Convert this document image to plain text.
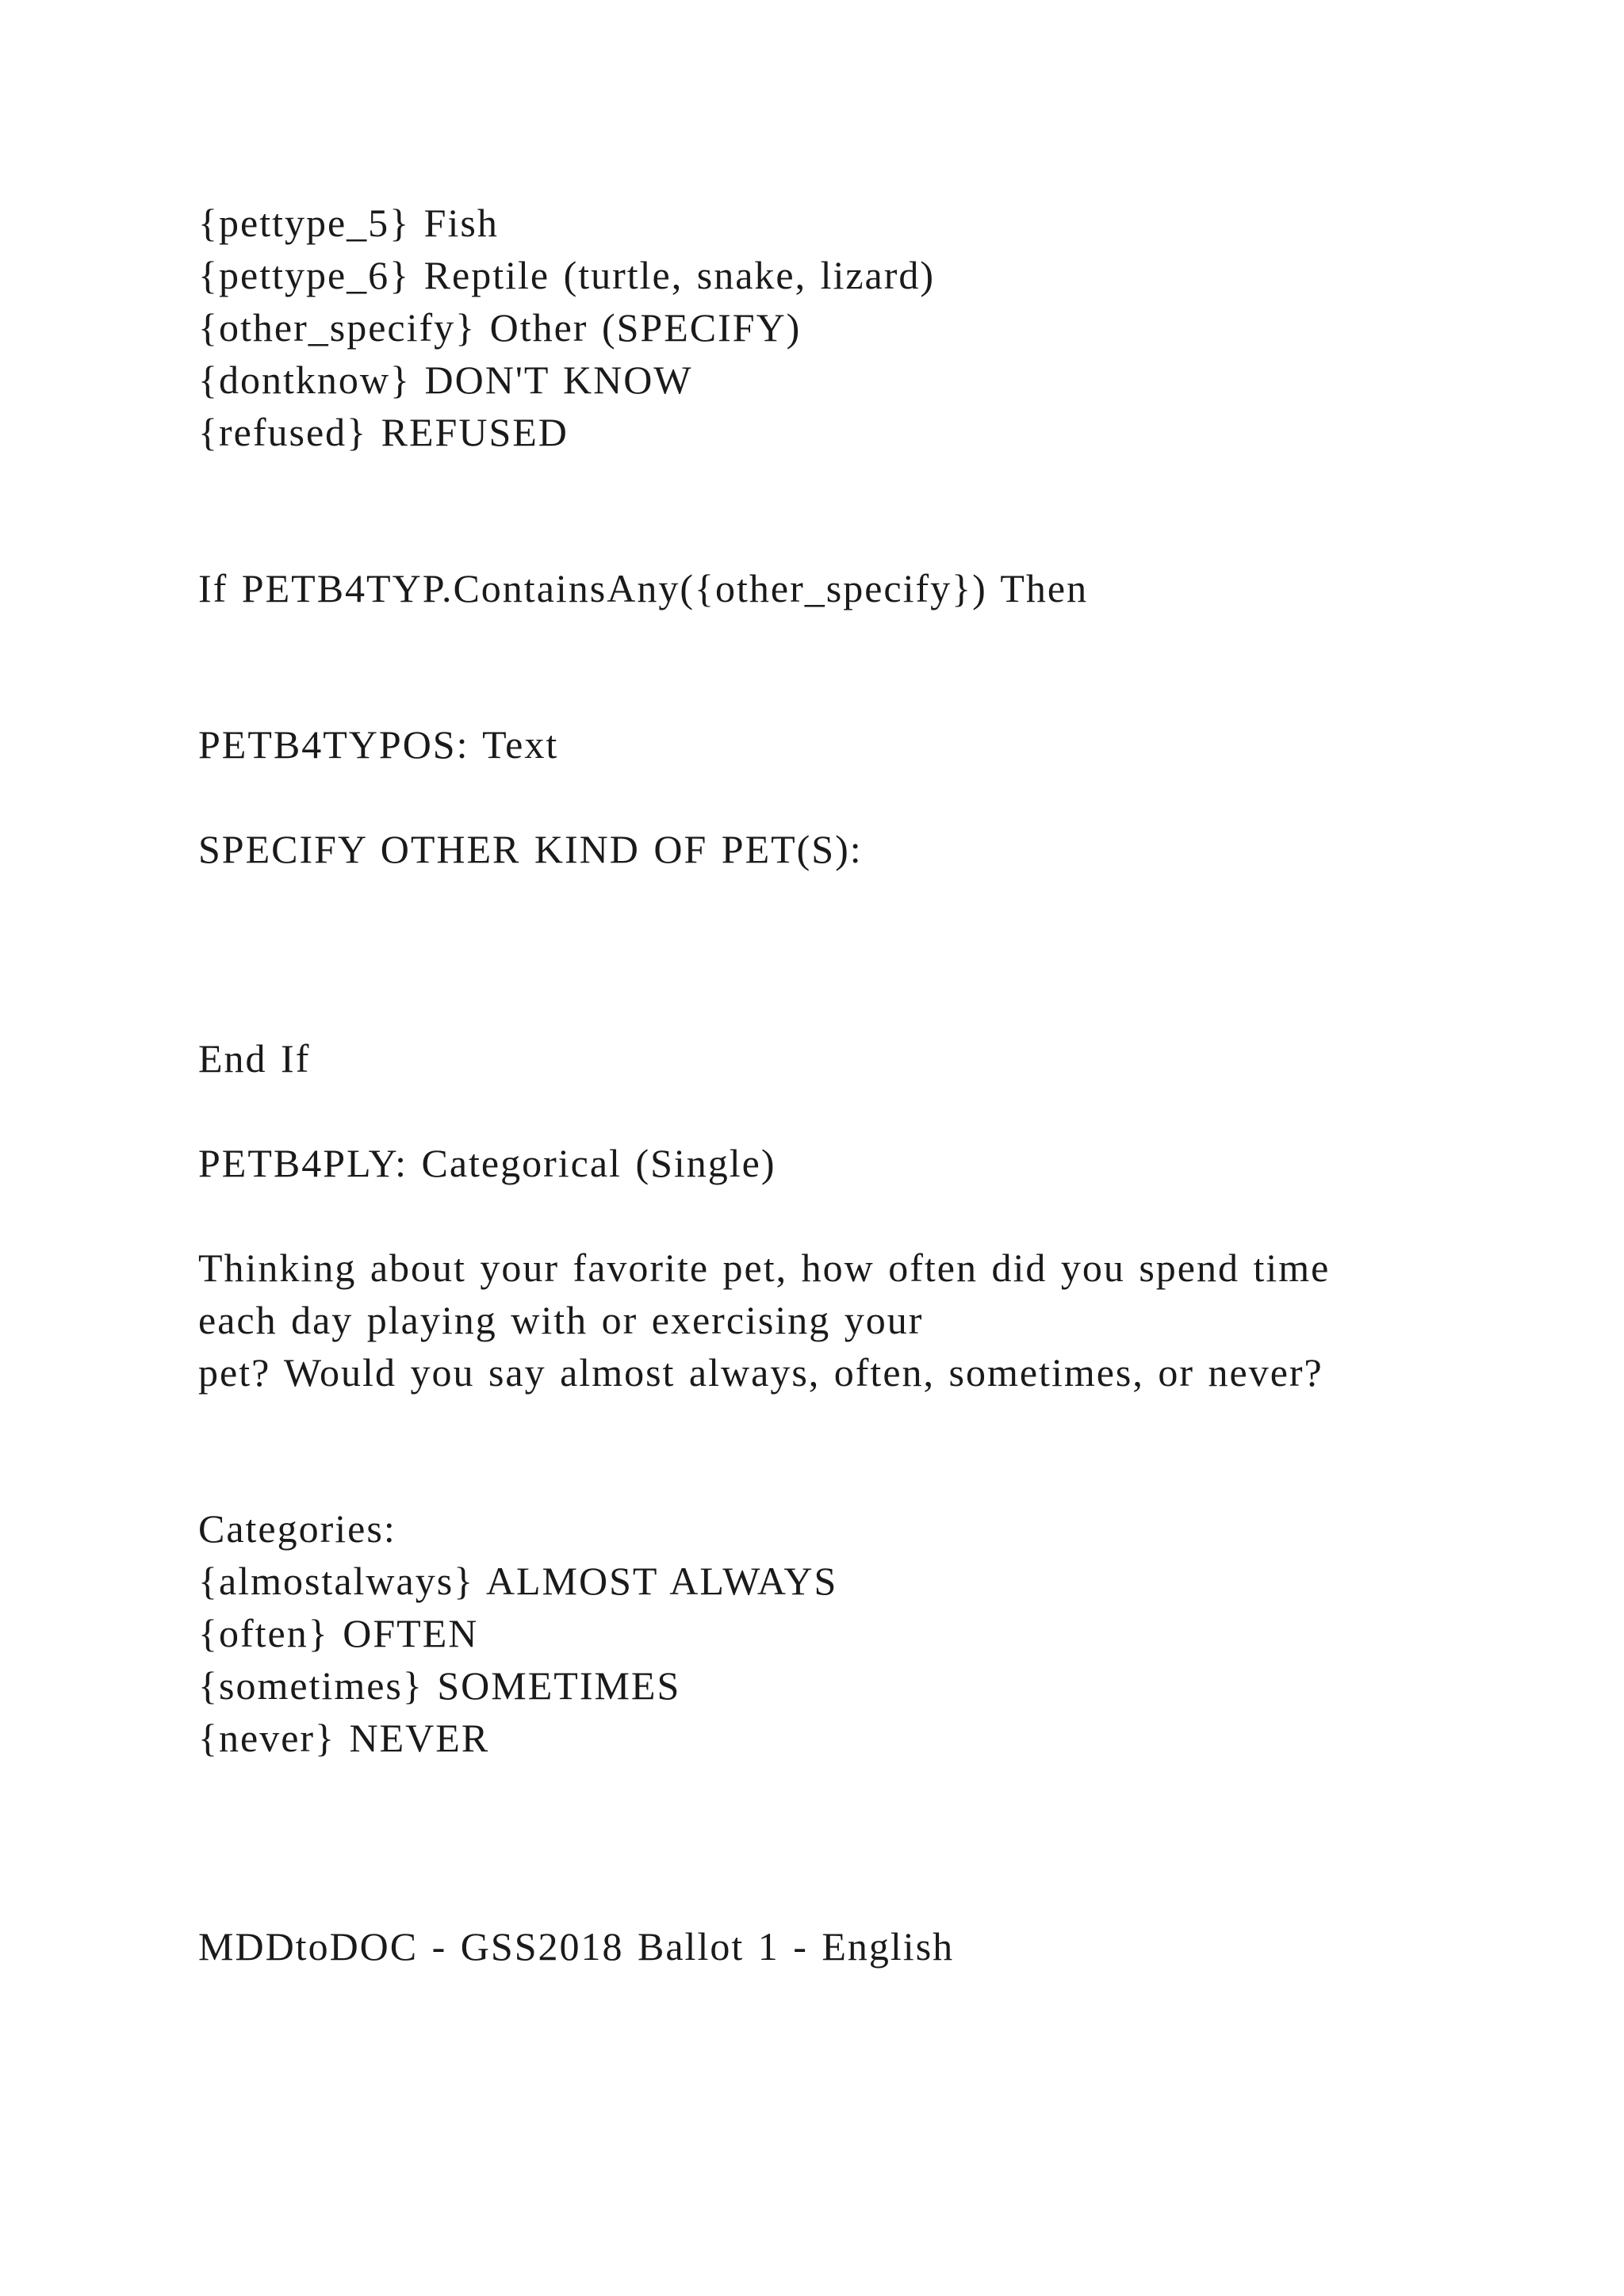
{pettype_5} Fish
{pettype_6} Reptile (turtle, snake, lizard)
{other_specify} Other (SPECIFY)
{dontknow} DON'T KNOW
{refused} REFUSED
If PETB4TYP.ContainsAny({other_specify}) Then
PETB4TYPOS: Text
SPECIFY OTHER KIND OF PET(S):
End If
PETB4PLY: Categorical (Single)
Thinking about your favorite pet, how often did you spend time
each day playing with or exercising your
pet? Would you say almost always, often, sometimes, or never?
Categories:
{almostalways} ALMOST ALWAYS
{often} OFTEN
{sometimes} SOMETIMES
{never} NEVER
MDDtoDOC - GSS2018 Ballot 1 - English
